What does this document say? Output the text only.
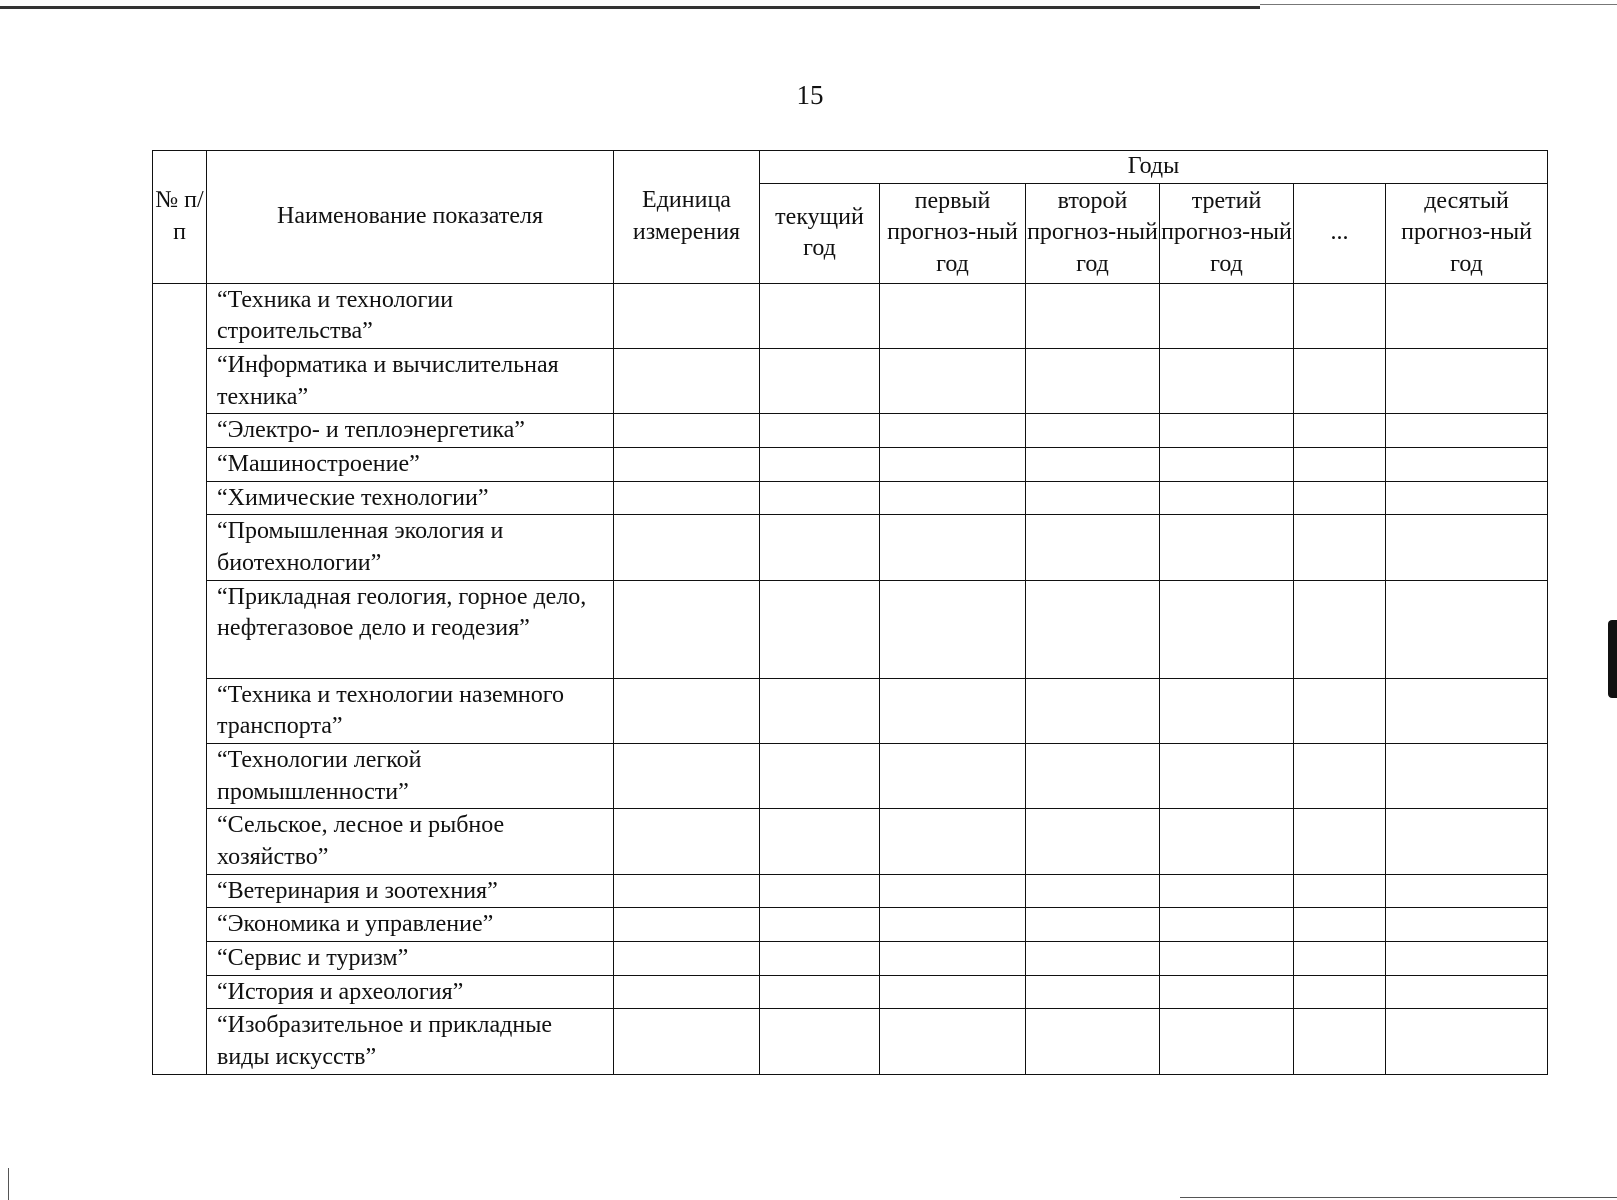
15
№ п/п	Наименование показателя	Единица измерения	Годы					
			текущий год	первый прогноз-ный год	второй прогноз-ный год	третий прогноз-ный год	...	десятый прогноз-ный год
	“Техника и технологии строительства”							
	“Информатика и вычислительная техника”							
	“Электро- и теплоэнергетика”							
	“Машиностроение”							
	“Химические технологии”							
	“Промышленная экология и биотехнологии”							
	“Прикладная геология, горное дело, нефтегазовое дело и геодезия”							
	“Техника и технологии наземного транспорта”							
	“Технологии легкой промышленности”							
	“Сельское, лесное и рыбное хозяйство”							
	“Ветеринария и зоотехния”							
	“Экономика и управление”							
	“Сервис и туризм”							
	“История и археология”							
	“Изобразительное и прикладные виды искусств”							
